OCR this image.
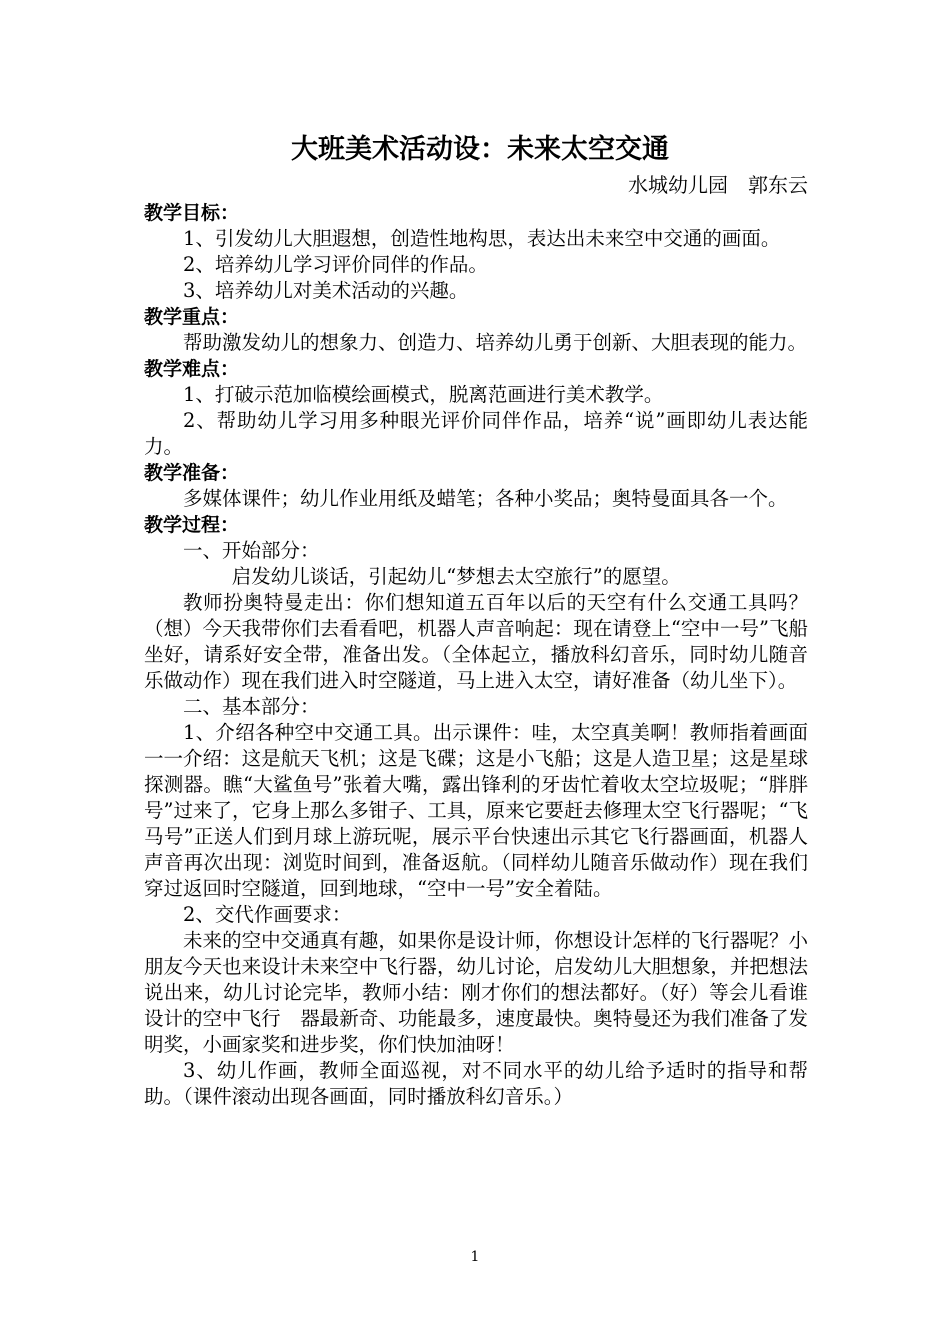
大班美术活动设：未来太空交通

水城幼儿园　郭东云

教学目标：

1、引发幼儿大胆遐想，创造性地构思，表达出未来空中交通的画面。

2、培养幼儿学习评价同伴的作品。

3、培养幼儿对美术活动的兴趣。

教学重点：

帮助激发幼儿的想象力、创造力、培养幼儿勇于创新、大胆表现的能力。

教学难点：

1、打破示范加临模绘画模式，脱离范画进行美术教学。

2、帮助幼儿学习用多种眼光评价同伴作品，培养“说”画即幼儿表达能力。

教学准备：

多媒体课件；幼儿作业用纸及蜡笔；各种小奖品；奥特曼面具各一个。

教学过程：

一、开始部分：

启发幼儿谈话，引起幼儿“梦想去太空旅行”的愿望。

教师扮奥特曼走出：你们想知道五百年以后的天空有什么交通工具吗？（想）今天我带你们去看看吧，机器人声音响起：现在请登上“空中一号”飞船坐好，请系好安全带，准备出发。（全体起立，播放科幻音乐，同时幼儿随音乐做动作）现在我们进入时空隧道，马上进入太空，请好准备（幼儿坐下）。

二、基本部分：

1、介绍各种空中交通工具。出示课件：哇，太空真美啊！教师指着画面一一介绍：这是航天飞机；这是飞碟；这是小飞船；这是人造卫星；这是星球探测器。瞧“大鲨鱼号”张着大嘴，露出锋利的牙齿忙着收太空垃圾呢；“胖胖号”过来了，它身上那么多钳子、工具，原来它要赶去修理太空飞行器呢；“飞马号”正送人们到月球上游玩呢，展示平台快速出示其它飞行器画面，机器人声音再次出现：浏览时间到，准备返航。（同样幼儿随音乐做动作）现在我们穿过返回时空隧道，回到地球，“空中一号”安全着陆。

2、交代作画要求：

未来的空中交通真有趣，如果你是设计师，你想设计怎样的飞行器呢？小朋友今天也来设计未来空中飞行器，幼儿讨论，启发幼儿大胆想象，并把想法说出来，幼儿讨论完毕，教师小结：刚才你们的想法都好。（好）等会儿看谁设计的空中飞行　器最新奇、功能最多，速度最快。奥特曼还为我们准备了发明奖，小画家奖和进步奖，你们快加油呀！

3、幼儿作画，教师全面巡视，对不同水平的幼儿给予适时的指导和帮助。（课件滚动出现各画面，同时播放科幻音乐。）

1
